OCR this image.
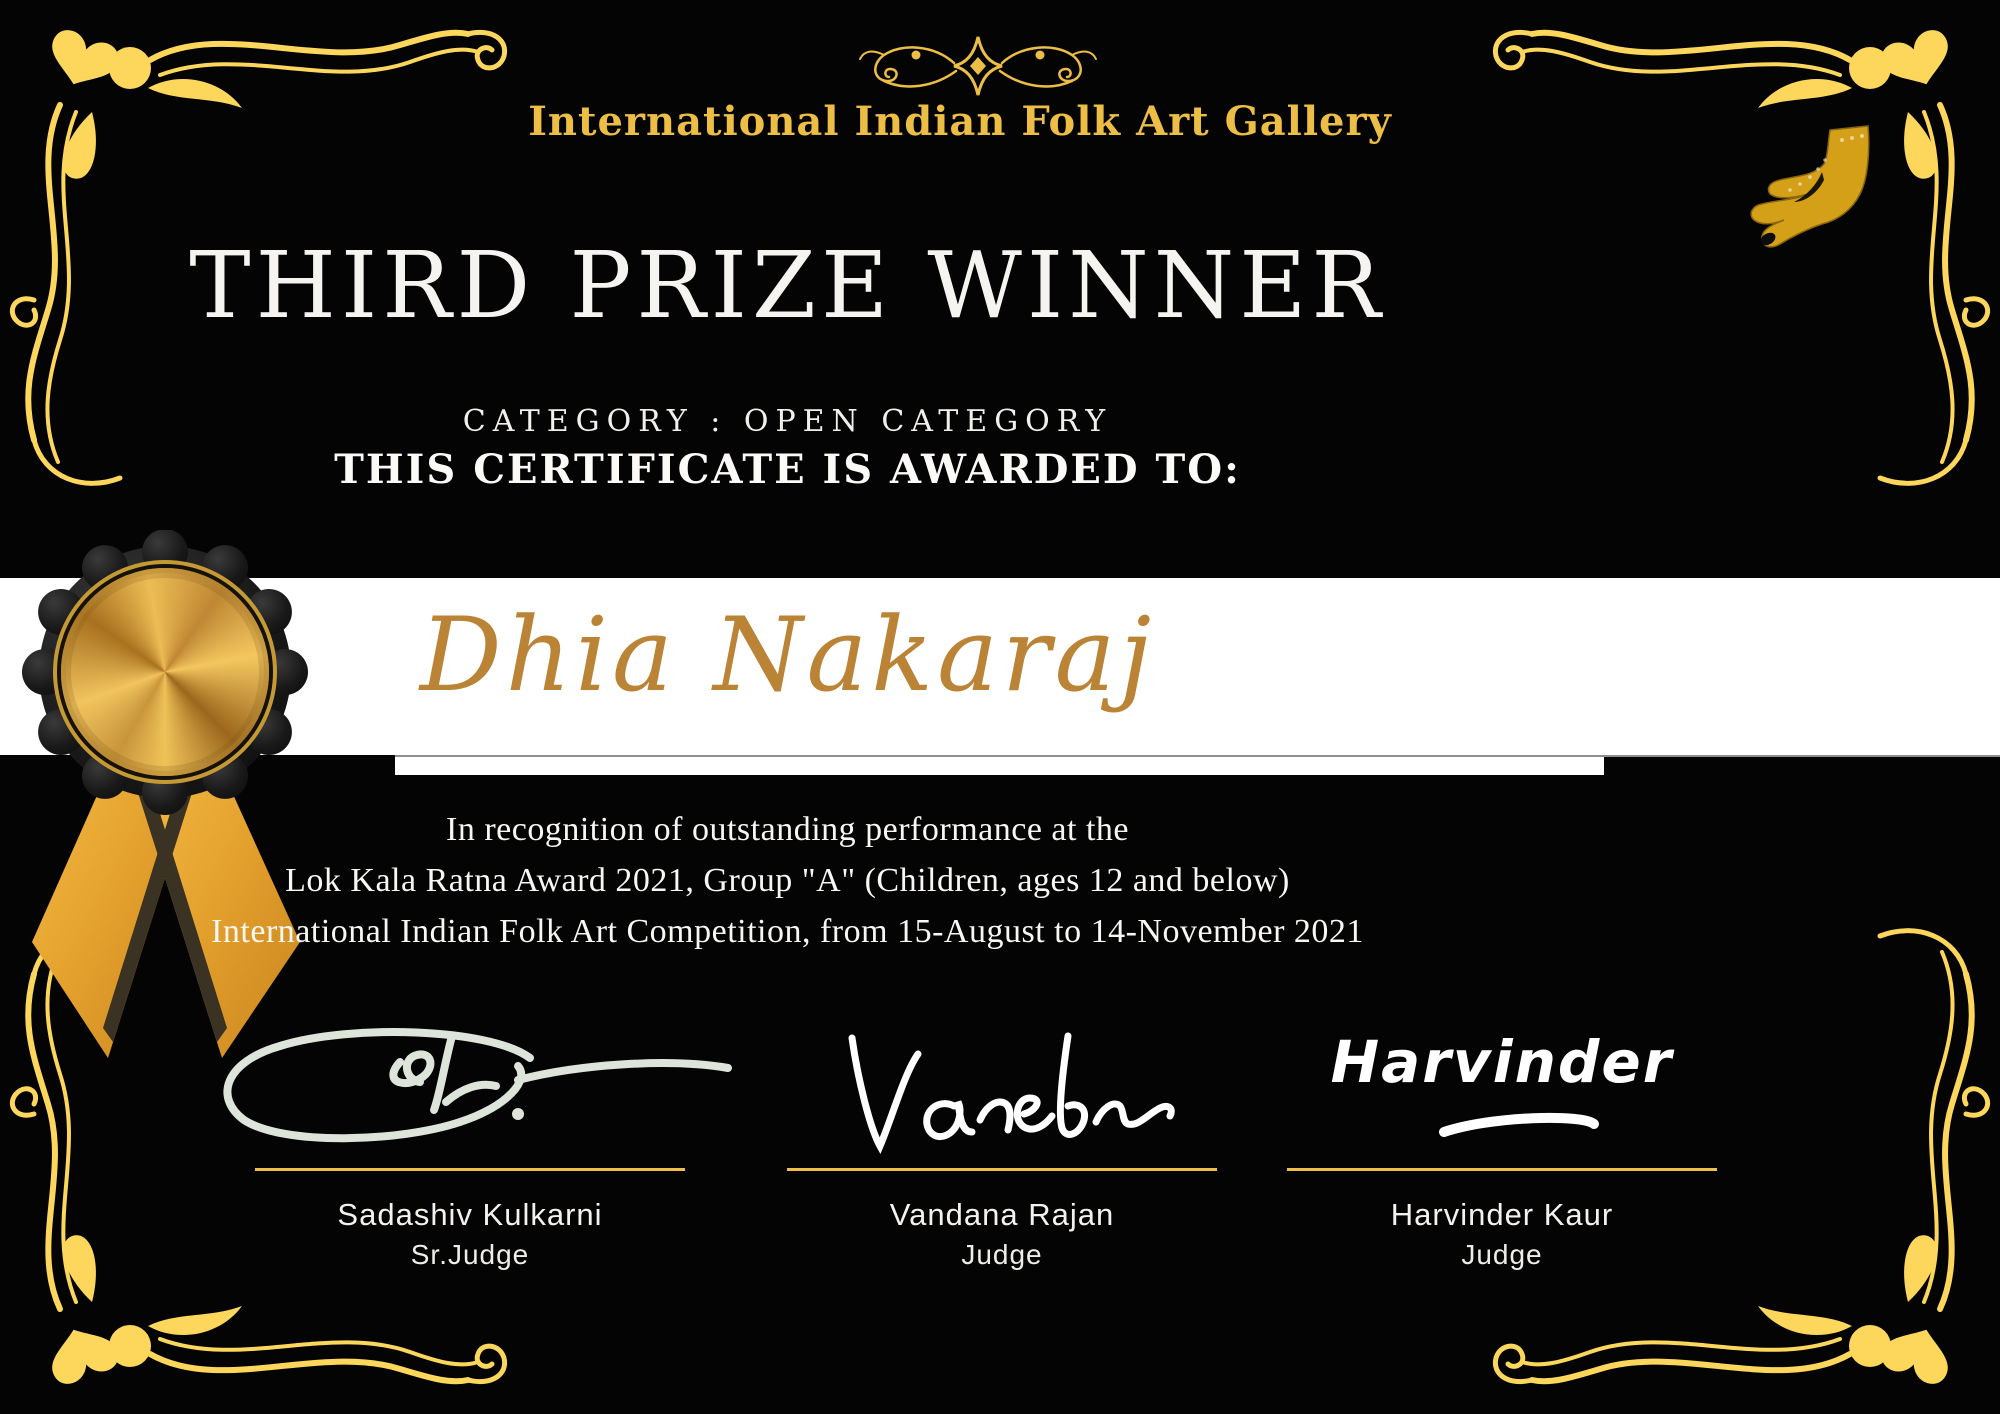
International Indian Folk Art Gallery
THIRD PRIZE WINNER
CATEGORY : OPEN CATEGORY
THIS CERTIFICATE IS AWARDED TO:
Dhia Nakaraj
In recognition of outstanding performance at the
Lok Kala Ratna Award 2021, Group "A" (Children, ages 12 and below)
International Indian Folk Art Competition, from 15-August to 14-November 2021
Sadashiv Kulkarni
Sr.Judge
Vandana Rajan
Judge
Harvinder
Harvinder Kaur
Judge
